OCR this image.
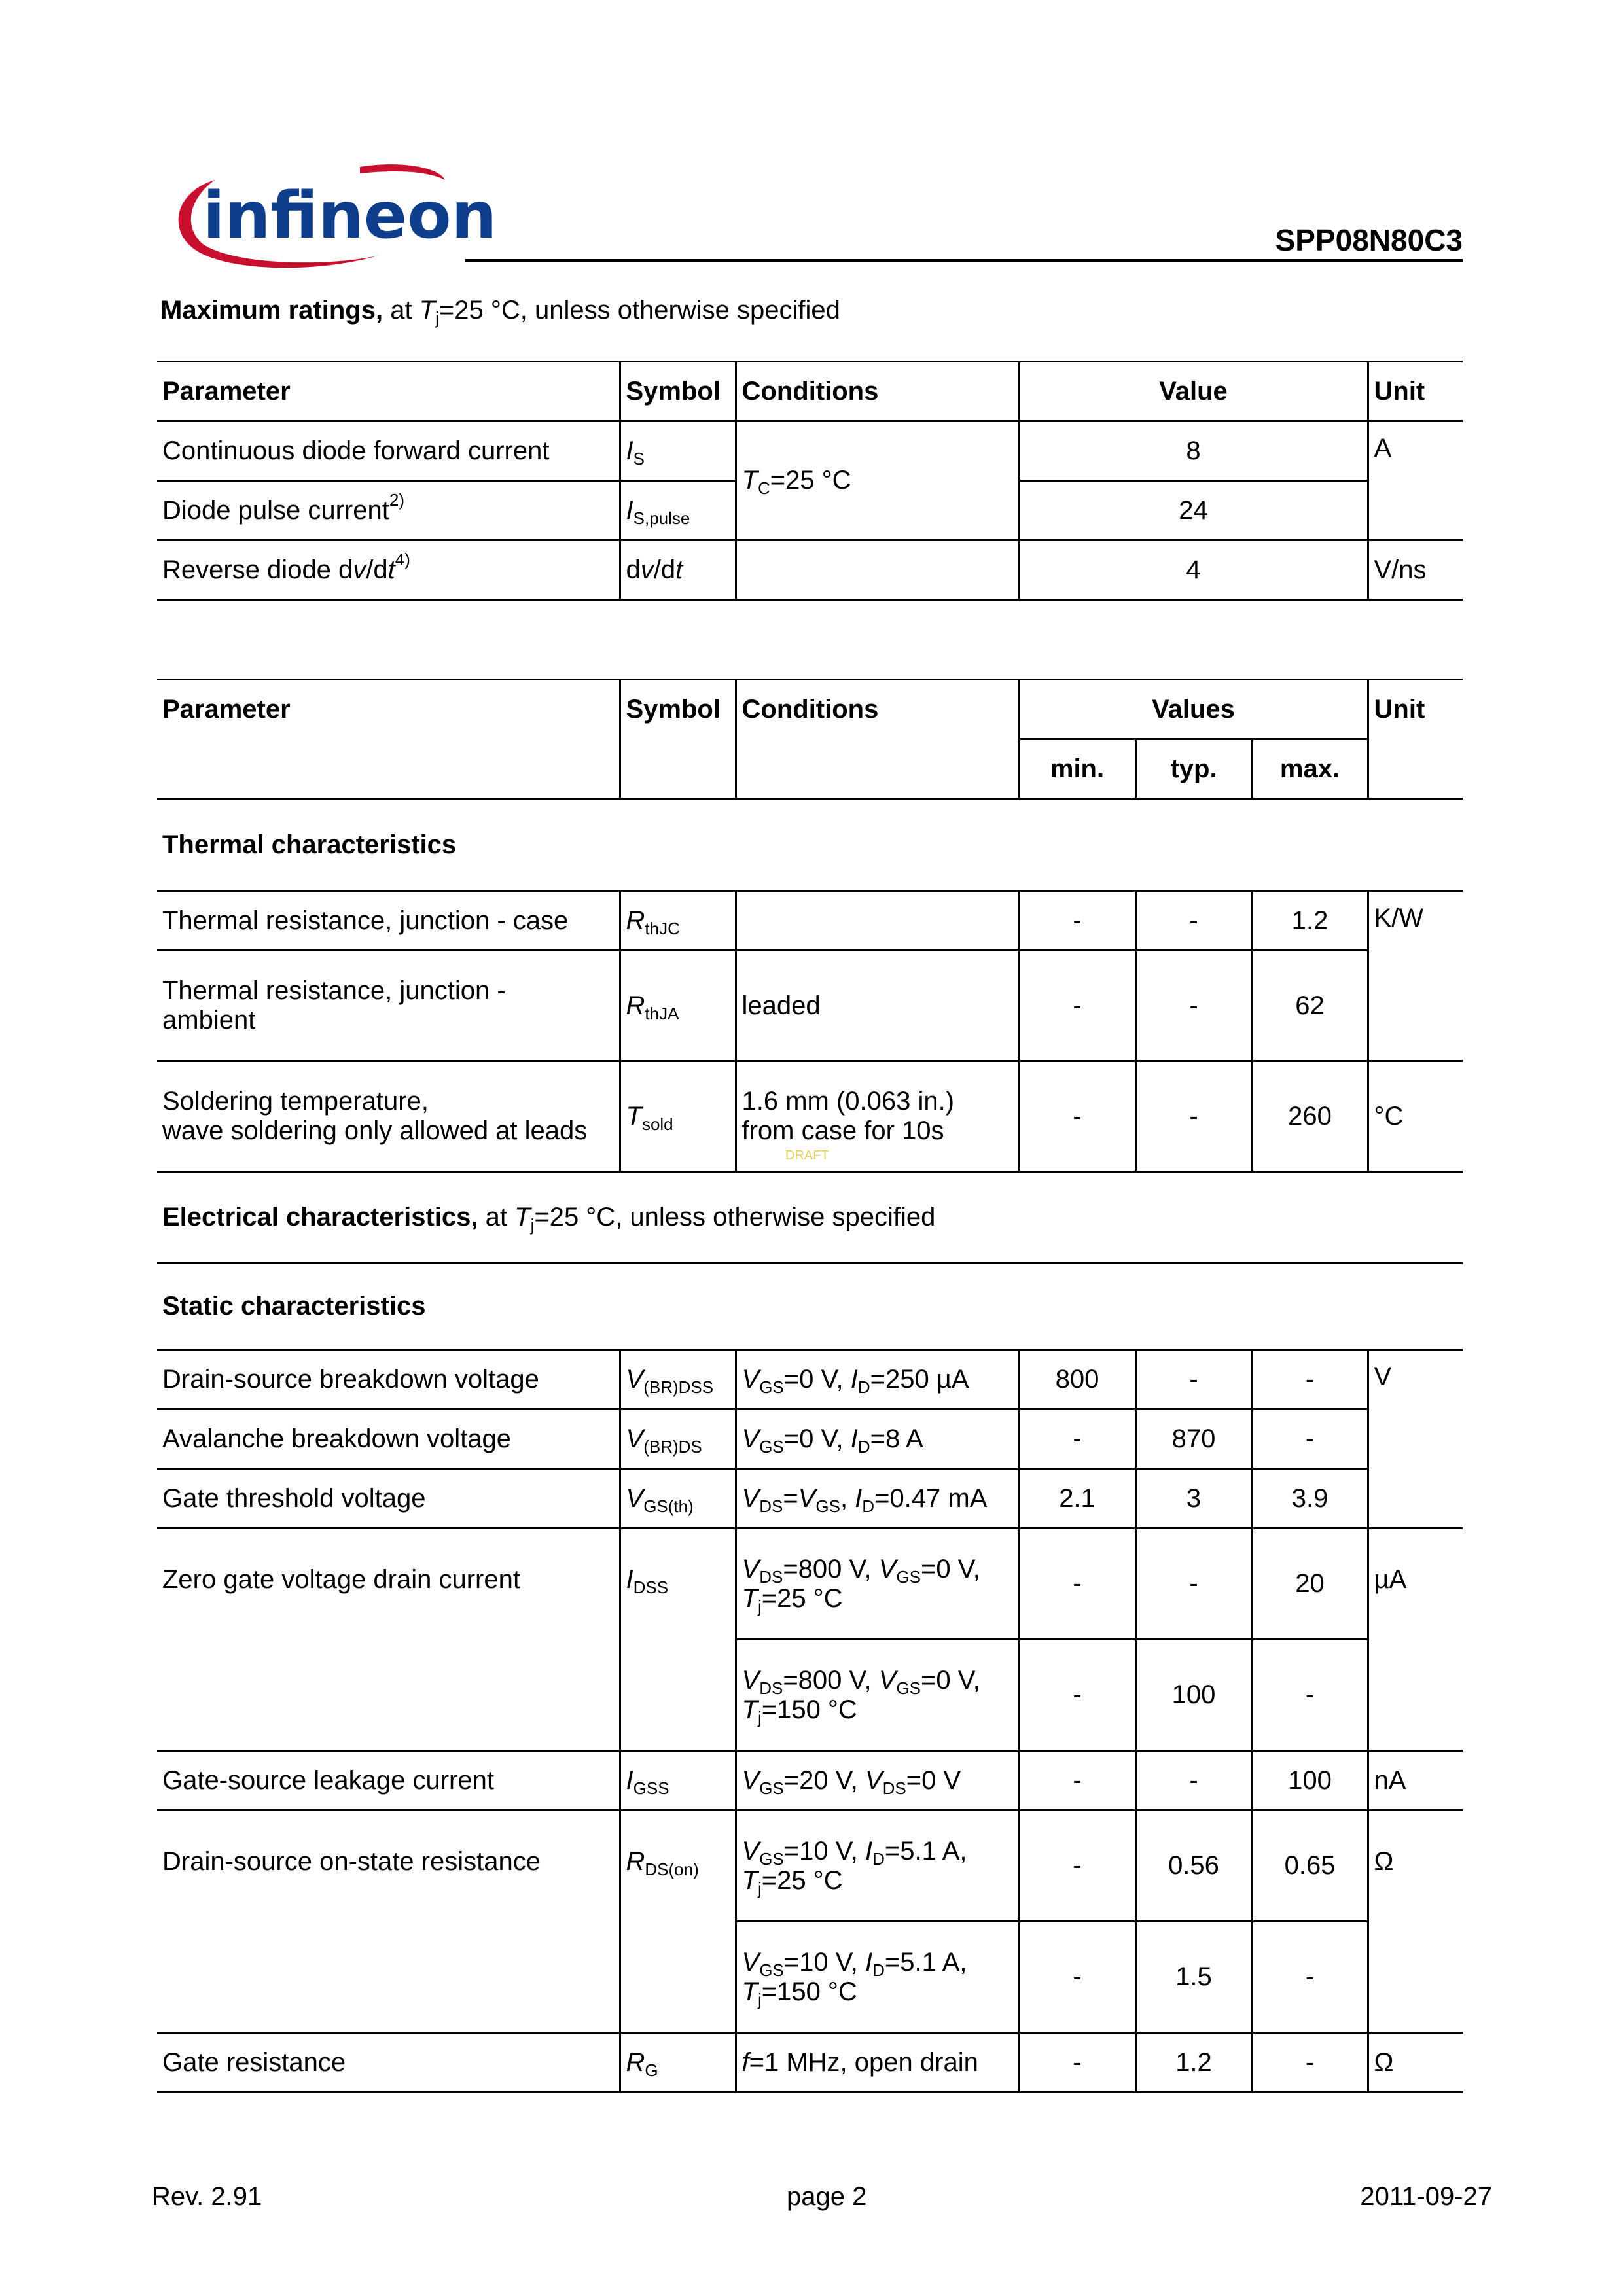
infineon	SPP08N80C3
Maximum ratings, at $T_j=25$ °C, unless otherwise specified
Parameter	Symbol	Conditions	Value	Unit
Continuous diode forward current	$I_S$	$T_C=25$ °C	8	A
Diode pulse current$^{2)}$	$I_{S,pulse}$		24	
Reverse diode $dv/dt^{4)}$	dv/dt		4	V/ns
Parameter	Symbol	Conditions	Values			Unit
			min.	typ.	max.	
Thermal characteristics						
Thermal resistance, junction - case	$R_{thJC}$		-	-	1.2	K/W
Thermal resistance, junction -
ambient	$R_{thJA}$	leaded	-	-	62	
Soldering temperature,
wave soldering only allowed at leads	$T_{sold}$	1.6 mm (0.063 in.)
from case for 10s	-	-	260	°C
Electrical characteristics, at $T_j=25$ °C, unless otherwise specified						
Static characteristics						
Drain-source breakdown voltage	$V_{(BR)DSS}$	$V_{GS}=0$ V, $I_D=250$ µA	800	-	-	V
Avalanche breakdown voltage	$V_{(BR)DS}$	$V_{GS}=0$ V, $I_D=8$ A	-	870	-	
Gate threshold voltage	$V_{GS(th)}$	$V_{DS}=V_{GS}$, $I_D=0.47$ mA	2.1	3	3.9	
Zero gate voltage drain current	$I_{DSS}$	$V_{DS}=800$ V, $V_{GS}=0$ V,
$T_j=25$ °C	-	-	20	µA
		$V_{DS}=800$ V, $V_{GS}=0$ V,
$T_j=150$ °C	-	100	-	
Gate-source leakage current	$I_{GSS}$	$V_{GS}=20$ V, $V_{DS}=0$ V	-	-	100	nA
Drain-source on-state resistance	$R_{DS(on)}$	$V_{GS}=10$ V, $I_D=5.1$ A,
$T_j=25$ °C	-	0.56	0.65	Ω
		$V_{GS}=10$ V, $I_D=5.1$ A,
$T_j=150$ °C	-	1.5	-	
Gate resistance	$R_G$	f=1 MHz, open drain	-	1.2	-	Ω
DRAFT
Rev. 2.91	page 2	2011-09-27
